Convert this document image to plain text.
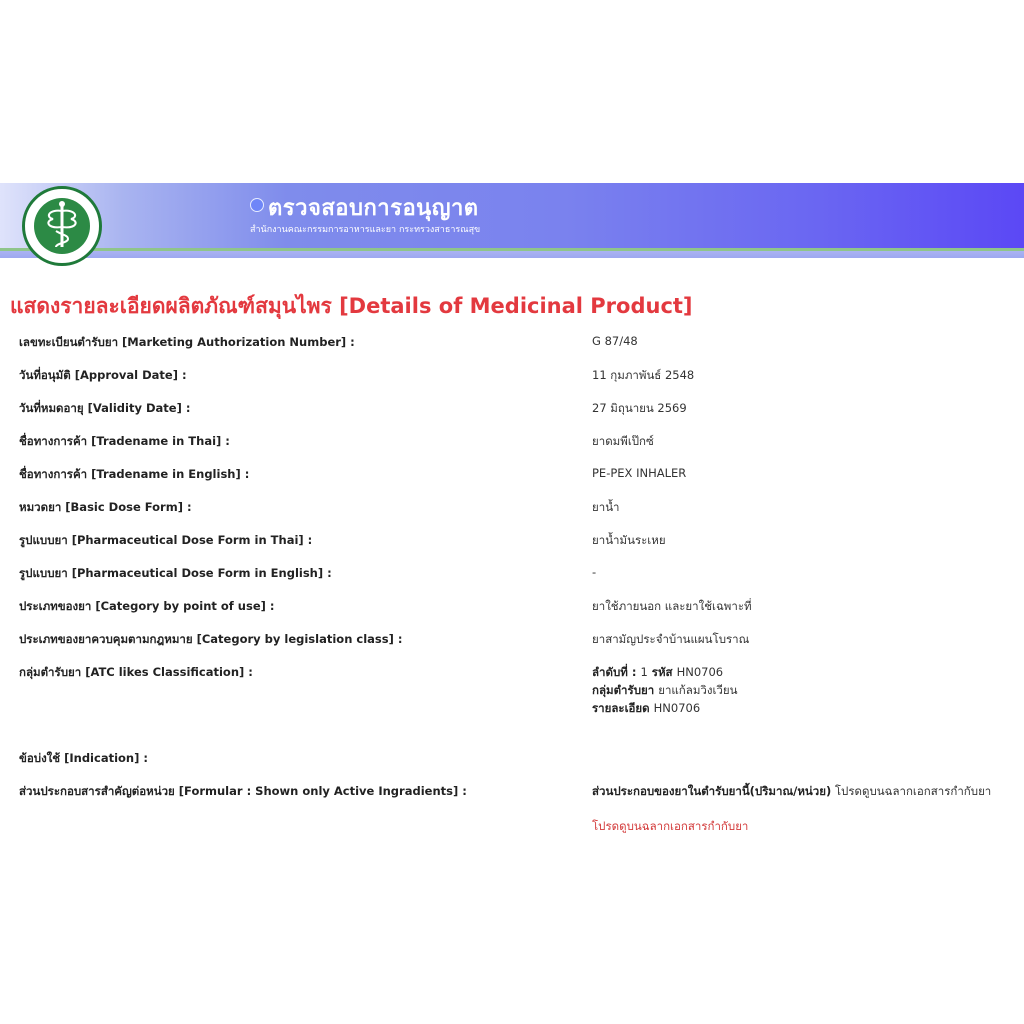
ตรวจสอบการอนุญาต
สำนักงานคณะกรรมการอาหารและยา กระทรวงสาธารณสุข
แสดงรายละเอียดผลิตภัณฑ์สมุนไพร [Details of Medicinal Product]
เลขทะเบียนตำรับยา [Marketing Authorization Number] :	G 87/48
วันที่อนุมัติ [Approval Date] :	11 กุมภาพันธ์ 2548
วันที่หมดอายุ [Validity Date] :	27 มิถุนายน 2569
ชื่อทางการค้า [Tradename in Thai] :	ยาดมพีเป๊กซ์
ชื่อทางการค้า [Tradename in English] :	PE-PEX INHALER
หมวดยา [Basic Dose Form] :	ยาน้ำ
รูปแบบยา [Pharmaceutical Dose Form in Thai] :	ยาน้ำมันระเหย
รูปแบบยา [Pharmaceutical Dose Form in English] :	-
ประเภทของยา [Category by point of use] :	ยาใช้ภายนอก และยาใช้เฉพาะที่
ประเภทของยาควบคุมตามกฎหมาย [Category by legislation class] :	ยาสามัญประจำบ้านแผนโบราณ
กลุ่มตำรับยา [ATC likes Classification] :	ลำดับที่ : 1 รหัส HN0706
กลุ่มตำรับยา ยาแก้ลมวิงเวียน
รายละเอียด HN0706
ข้อบ่งใช้ [Indication] :
ส่วนประกอบสารสำคัญต่อหน่วย [Formular : Shown only Active Ingradients] :	ส่วนประกอบของยาในตำรับยานี้(ปริมาณ/หน่วย) โปรดดูบนฉลากเอกสารกำกับยา
โปรดดูบนฉลากเอกสารกำกับยา
